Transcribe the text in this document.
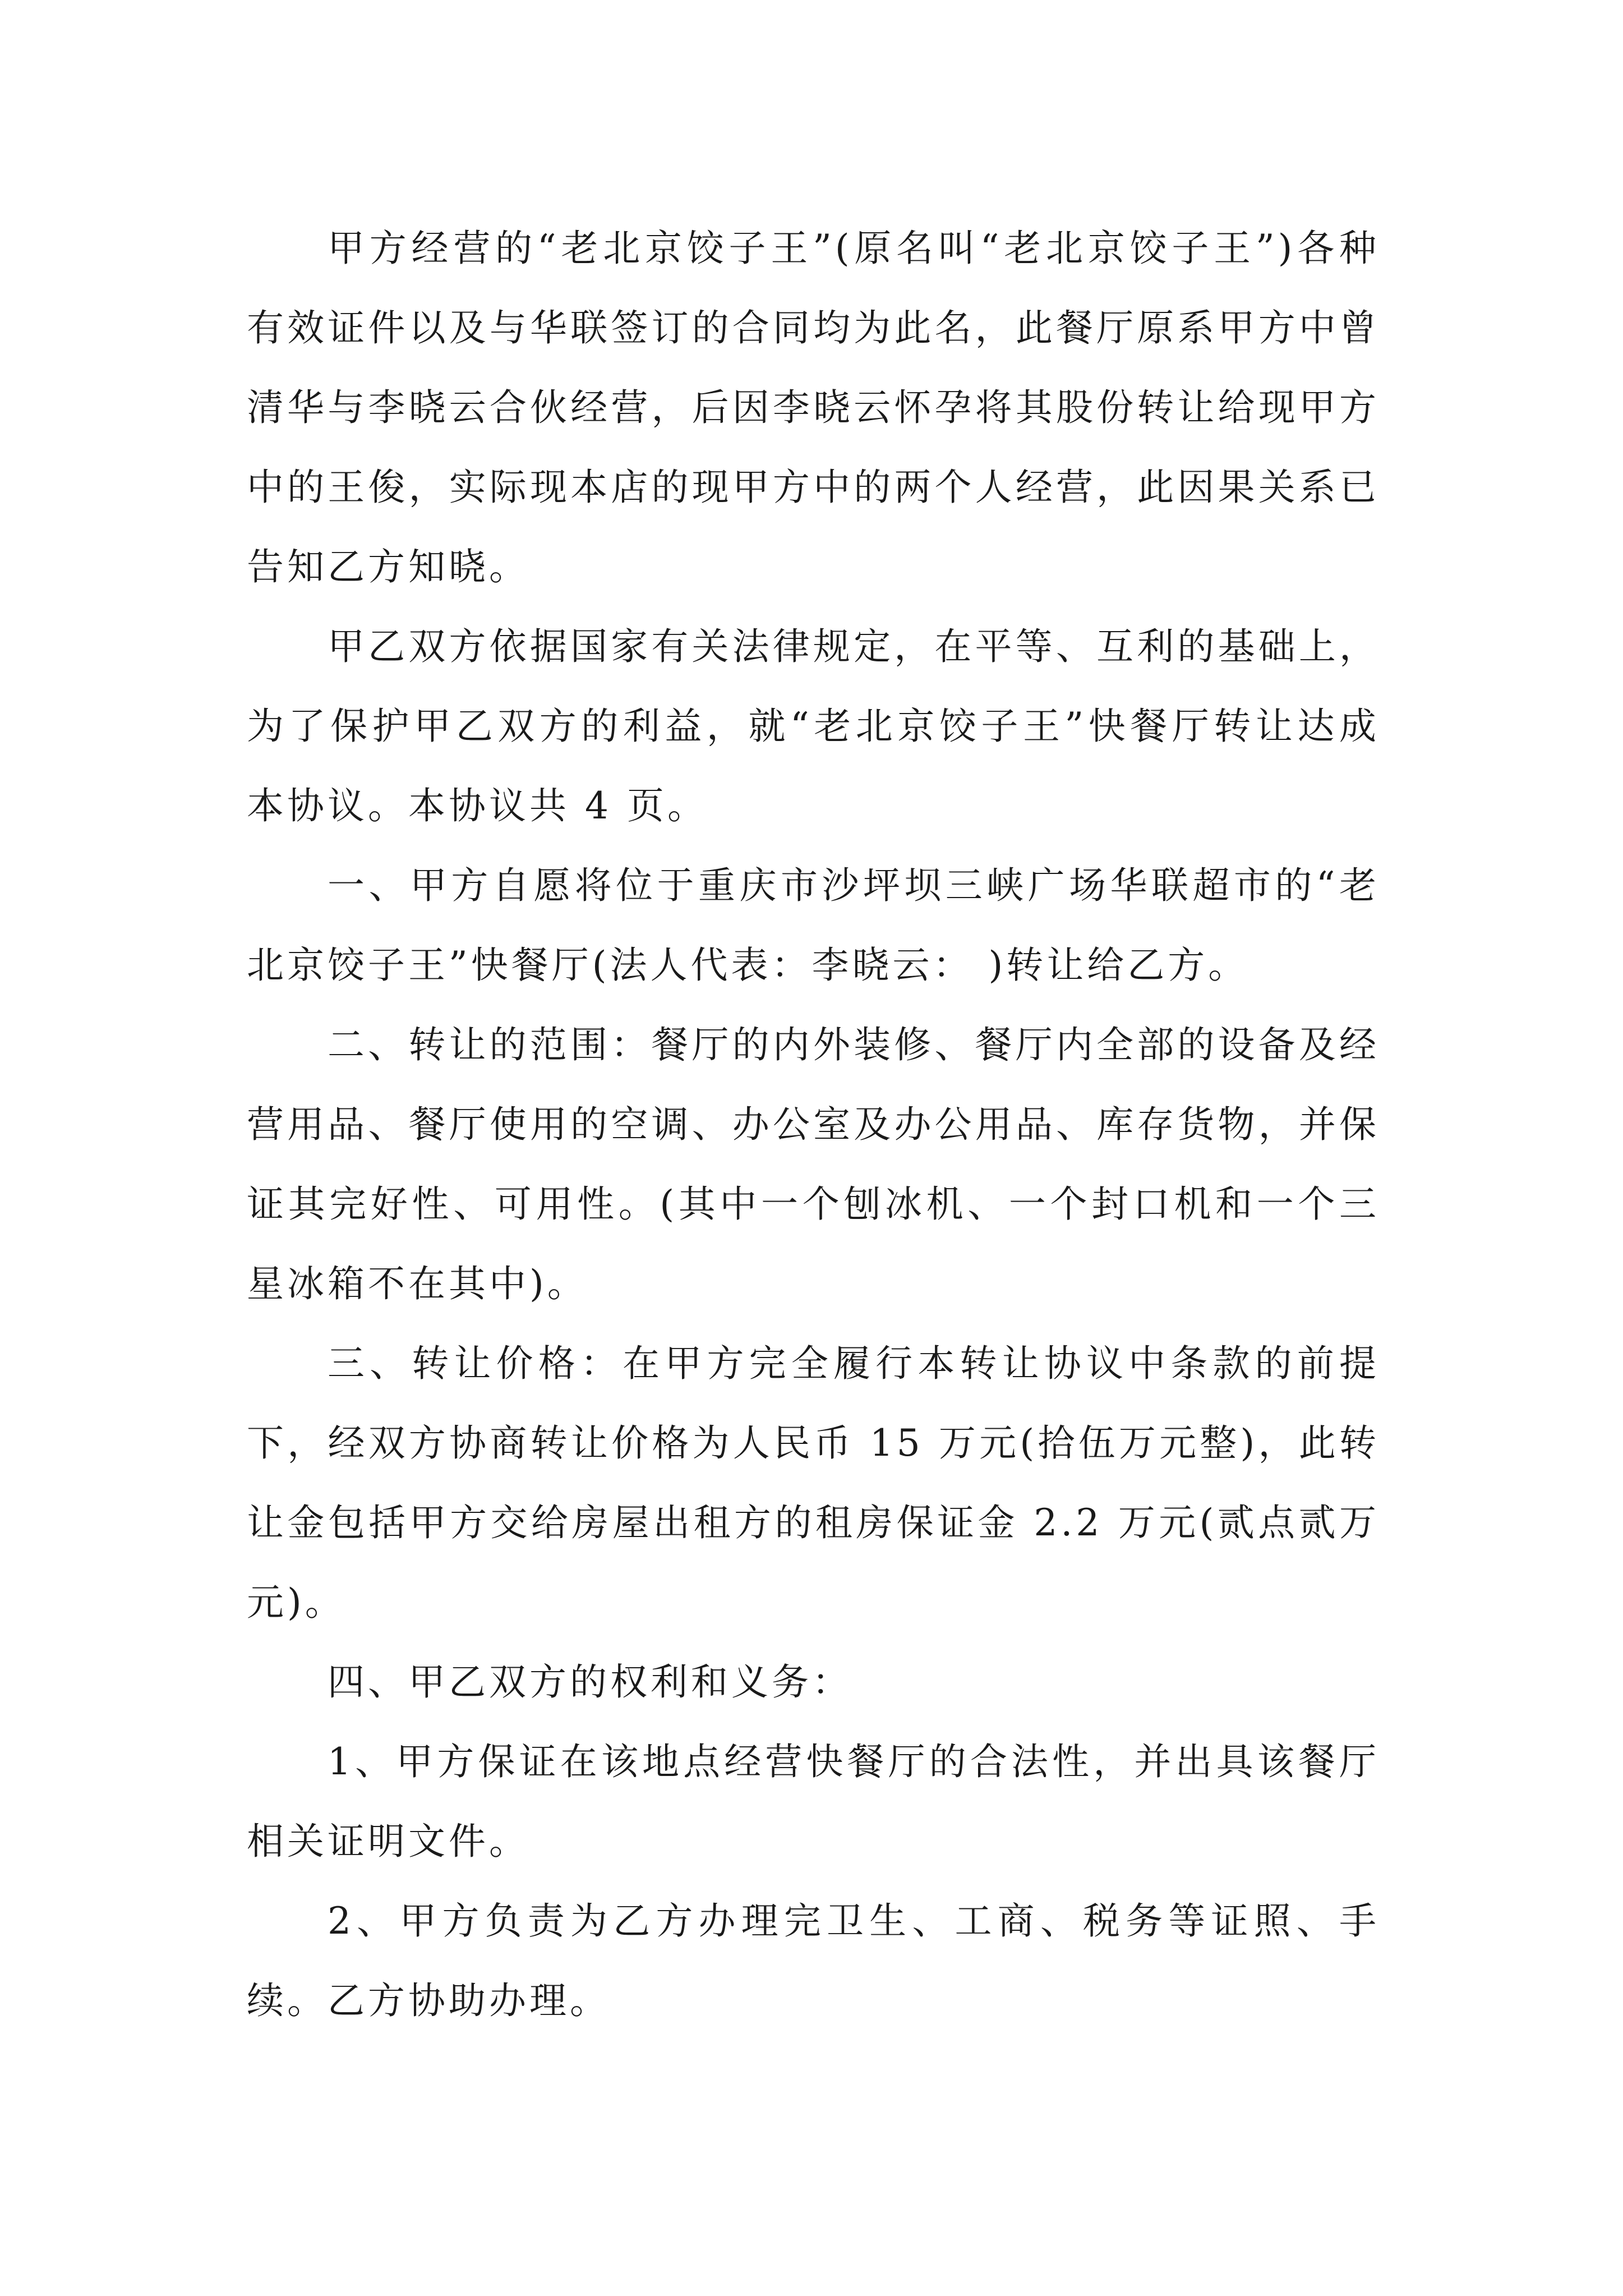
甲方经营的“老北京饺子王”(原名叫“老北京饺子王”)各种有效证件以及与华联签订的合同均为此名，此餐厅原系甲方中曾清华与李晓云合伙经营，后因李晓云怀孕将其股份转让给现甲方中的王俊，实际现本店的现甲方中的两个人经营，此因果关系已告知乙方知晓。

甲乙双方依据国家有关法律规定，在平等、互利的基础上，为了保护甲乙双方的利益，就“老北京饺子王”快餐厅转让达成本协议。本协议共 4 页。

一、甲方自愿将位于重庆市沙坪坝三峡广场华联超市的“老北京饺子王”快餐厅(法人代表：李晓云： )转让给乙方。

二、转让的范围：餐厅的内外装修、餐厅内全部的设备及经营用品、餐厅使用的空调、办公室及办公用品、库存货物，并保证其完好性、可用性。(其中一个刨冰机、一个封口机和一个三星冰箱不在其中)。

三、转让价格：在甲方完全履行本转让协议中条款的前提下，经双方协商转让价格为人民币 15 万元(拾伍万元整)，此转让金包括甲方交给房屋出租方的租房保证金 2.2 万元(贰点贰万元)。

四、甲乙双方的权利和义务：

1、甲方保证在该地点经营快餐厅的合法性，并出具该餐厅相关证明文件。

2、甲方负责为乙方办理完卫生、工商、税务等证照、手续。乙方协助办理。
